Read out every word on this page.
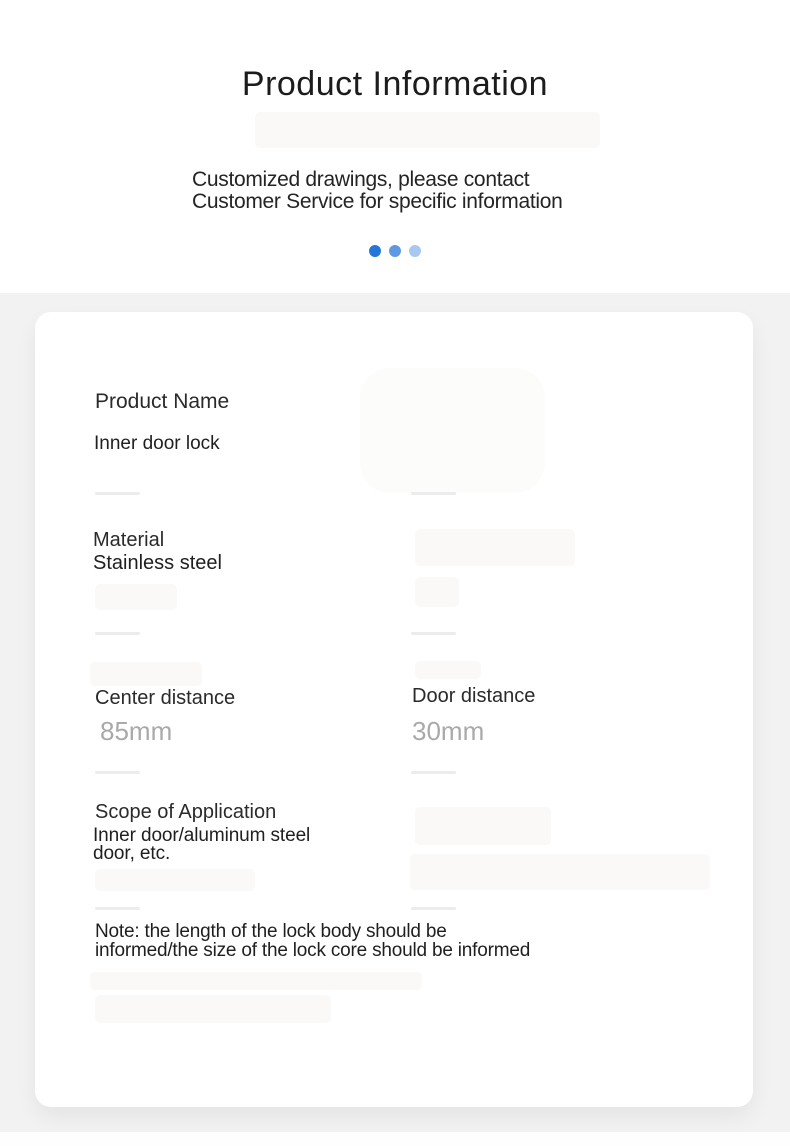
Product Information
Customized drawings, please contact
Customer Service for specific information
Product Name
Inner door lock
Material
Stainless steel
Center distance
85mm
Door distance
30mm
Scope of Application
Inner door/aluminum steel
door, etc.
Note: the length of the lock body should be
informed/the size of the lock core should be informed
